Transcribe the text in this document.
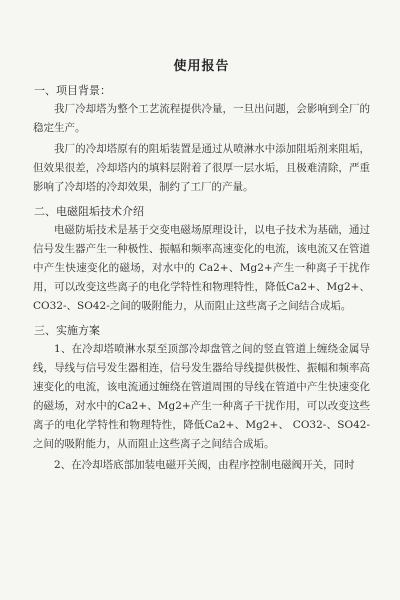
使用报告
一、项目背景：

我厂冷却塔为整个工艺流程提供冷量，一旦出问题，会影响到全厂的稳定生产。

我厂的冷却塔原有的阻垢装置是通过从喷淋水中添加阻垢剂来阻垢，但效果很差，冷却塔内的填料层附着了很厚一层水垢，且极难清除，严重影响了冷却塔的冷却效果，制约了工厂的产量。

二、电磁阻垢技术介绍

电磁防垢技术是基于交变电磁场原理设计，以电子技术为基础，通过信号发生器产生一种极性、振幅和频率高速变化的电流，该电流又在管道中产生快速变化的磁场，对水中的 Ca2+、Mg2+产生一种离子干扰作用，可以改变这些离子的电化学特性和物理特性，降低Ca2+、Mg2+、 CO32-、SO42-之间的吸附能力，从而阻止这些离子之间结合成垢。

三、实施方案

1、在冷却塔喷淋水泵至顶部冷却盘管之间的竖直管道上缠绕金属导线，导线与信号发生器相连，信号发生器给导线提供极性、振幅和频率高速变化的电流，该电流通过缠绕在管道周围的导线在管道中产生快速变化的磁场，对水中的Ca2+、Mg2+产生一种离子干扰作用，可以改变这些离子的电化学特性和物理特性，降低Ca2+、Mg2+、 CO32-、SO42-之间的吸附能力，从而阻止这些离子之间结合成垢。

2、在冷却塔底部加装电磁开关阀，由程序控制电磁阀开关，同时
